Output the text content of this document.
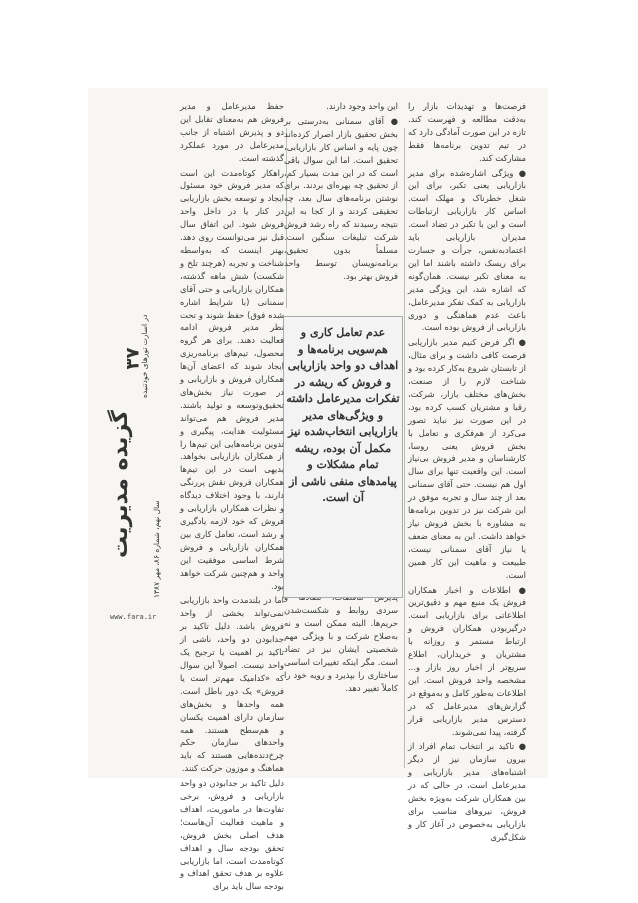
۳۷
در اسارت تورهای خودتنیده
سال نهم، شماره ۸۶، مهر ۱۳۸۷
گزیده مدیریت
www.fara.ir

فرصت‌ها و تهدیدات بازار را به‌دقت مطالعه و فهرست کند. تازه در این صورت آمادگی دارد که در تیم تدوین برنامه‌ها فقط مشارکت کند.

● ویژگی اشاره‌شده برای مدیر بازاریابی یعنی تکبر، برای این شغل خطرناک و مهلک است. اساس کار بازاریابی ارتباطات است و این با تکبر در تضاد است. مدیران بازاریابی باید اعتمادبه‌نفس، جرأت و جسارت برای ریسک داشته باشند اما این به معنای تکبر نیست. همان‌گونه که اشاره شد، این ویژگی مدیر بازاریابی به کمک تفکر مدیرعامل، باعث عدم هماهنگی و دوری بازاریابی از فروش بوده است.

● اگر فرض کنیم مدیر بازاریابی فرصت کافی داشت و برای مثال، از تابستان شروع به‌کار کرده بود و شناخت لازم را از صنعت، بخش‌های مختلف بازار، شرکت، رقبا و مشتریان کسب کرده بود، در این صورت نیز نباید تصور می‌کرد از هم‌فکری و تعامل با بخش فروش یعنی روسا، کارشناسان و مدیر فروش بی‌نیاز است. این واقعیت تنها برای سال اول هم نیست. حتی آقای سمنانی بعد از چند سال و تجربه موفق در این شرکت نیز در تدوین برنامه‌ها به مشاوره با بخش فروش نیاز خواهد داشت. این به معنای ضعف یا نیاز آقای سمنانی نیست، طبیعت و ماهیت این کار همین است.

● اطلاعات و اخبار همکاران فروش یک منبع مهم و دقیق‌ترین اطلاعاتی برای بازاریابی است. درگیر‌بودن همکاران فروش و ارتباط مستمر و روزانه با مشتریان و خریداران، اطلاع سریع‌تر از اخبار روز بازار و... مشخصه واحد فروش است. این اطلاعات به‌طور کامل و به‌موقع در گزارش‌های مدیرعامل که در دسترس مدیر بازاریابی قرار گرفته، پیدا نمی‌شوند.

● تاکید بر انتخاب تمام افراد از بیرون سازمان نیز از دیگر اشتباه‌های مدیر بازاریابی و مدیرعامل است، در حالی که در بین همکاران شرکت به‌ویژه بخش فروش، نیروهای مناسب برای بازاریابی به‌خصوص در آغاز کار و شکل‌گیری

این واحد وجود دارند.

● آقای سمنانی به‌درستی بر بخش تحقیق بازار اصرار کرده‌اند چون پایه و اساس کار بازاریابی، تحقیق است. اما این سوال باقی است که در این مدت بسیار کم، از تحقیق چه بهره‌ای بردند. برای نوشتن برنامه‌های سال بعد، چه تحقیقی کردند و از کجا به این نتیجه رسیدند که راه رشد فروش شرکت تبلیغات سنگین است. مسلماً بدون تحقیق، برنامه‌نویسان توسط واحد فروش بهتر بود.

سردی روابط و شکست‌شدن حریم‌ها. البته ممکن است و نه به‌صلاح شرکت و با ویژگی مهم شخصیتی ایشان نیز در تضاد است. مگر اینکه تغییرات اساسی ساختاری را بپذیرد و رویه خود را کاملاً تغییر دهد.

عدم تعامل کاری و هم‌سویی برنامه‌ها و اهداف دو واحد بازاریابی و فروش که ریشه در تفکرات مدیرعامل داشته و ویژگی‌های مدیر بازاریابی انتخاب‌شده نیز مکمل آن بوده، ریشه تمام مشکلات و پیامدهای منفی ناشی از آن است.

حفظ مدیرعامل و مدیر فروش هم به‌معنای تقابل این دو و پذیرش اشتباه از جانب مدیرعامل در مورد عملکرد گذشته است.

راهکار کوتاه‌مدت این است که مدیر فروش خود مسئول ایجاد و توسعه بخش بازاریابی در کنار یا در داخل واحد فروش شود. این اتفاق سال قبل نیز می‌توانست روی دهد. بهتر اینست که به‌واسطه شناخت و تجربه (هرچند تلخ و شکست) شش ماهه گذشته، همکاران بازاریابی و حتی آقای سمنانی (با شرایط اشاره شده فوق) حفظ شوند و تحت نظر مدیر فروش ادامه فعالیت دهند. برای هر گروه محصول، تیم‌های برنامه‌ریزی ایجاد شوند که اعضای آن‌ها همکاران فروش و بازاریابی و در صورت نیاز بخش‌های تحقیق‌وتوسعه و تولید باشند. مدیر فروش هم می‌تواند مسئولیت هدایت، پیگیری و تدوین برنامه‌هایی این تیم‌ها را از همکاران بازاریابی بخواهد. بدیهی است در این تیم‌ها همکاران فروش نقش پررنگی دارند، با وجود اختلاف دیدگاه و نظرات همکاران بازاریابی و فروش که خود لازمه یادگیری و رشد است، تعامل کاری بین همکاران بازاریابی و فروش شرط اساسی موفقیت این واحد و هم‌چنین شرکت خواهد بود.

اما در بلندمدت واحد بازاریابی نمی‌تواند بخشی از واحد فروش باشد. دلیل تاکید بر جدابودن دو واحد، ناشی از تاکید بر اهمیت یا ترجیح یک واحد نیست. اصولاً این سوال که «کدامیک مهم‌تر است یا فروش» یک دور باطل است. همه واحدها و بخش‌های سازمان دارای اهمیت یکسان و هم‌سطح هستند. همه واحدهای سازمان حکم چرخ‌دنده‌هایی هستند که باید هماهنگ و موزون حرکت کنند.

دلیل تاکید بر جدابودن دو واحد بازاریابی و فروش، برخی تفاوت‌ها در ماموریت، اهداف و ماهیت فعالیت آن‌هاست؛ هدف اصلی بخش فروش، تحقق بودجه سال و اهداف کوتاه‌مدت است، اما بازاریابی علاوه بر هدف تحقق اهداف و بودجه سال باید برای
